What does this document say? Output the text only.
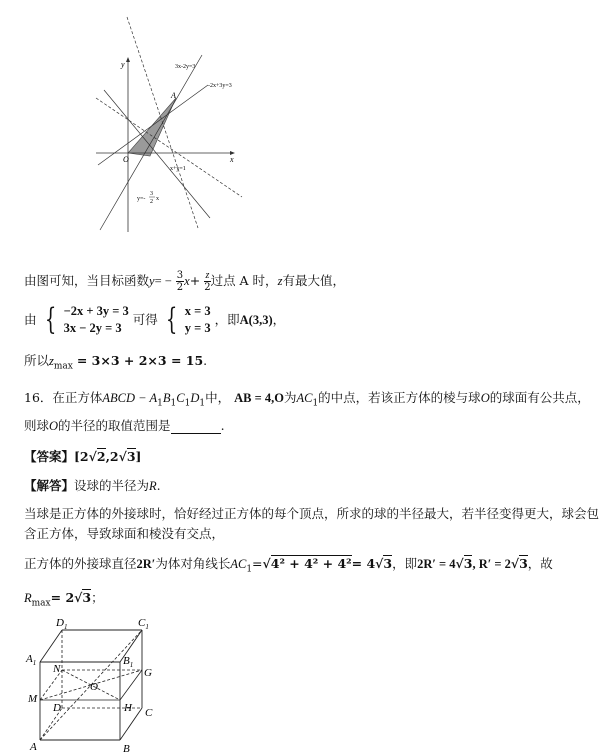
y
x
O
A
3x-2y=3
-2x+3y=3
x+y=1
y=-
3
2 x
由图可知，当目标函数$y= - \frac{3}{2} x+ \frac{z}{2}$ 过点 A 时，z有最大值，
由 { −2x + 3y = 3
3x − 2y = 3
可得 { x = 3
y = 3
，即A(3,3)，
所以$z_{max} = 3\times 3 + 2\times 3 = 15$.
16．在正方体ABCD − $A_1B_1C_1D_1$中， AB = 4,O为$AC_1$的中点，若该正方体的棱与球O的球面有公共点，
则球O的半径的取值范围是	.
【答案】[2√2,2√3]
【解答】设球的半径为R.
当球是正方体的外接球时，恰好经过正方体的每个顶点，所求的球的半径最大，若半径变得更大，球会包
含正方体，导致球面和棱没有交点，
正方体的外接球直径2R′为体对角线长$AC_1=√4^2 + 4^2 + 4^2= 4√3$，即2R′ = 4√3, R′ = 2√3，故
$R_{max}= 2√3$；
$D_1$	$C_1$
$A_1$	$B_1$
N	G
M
O
D	H C
A	B
